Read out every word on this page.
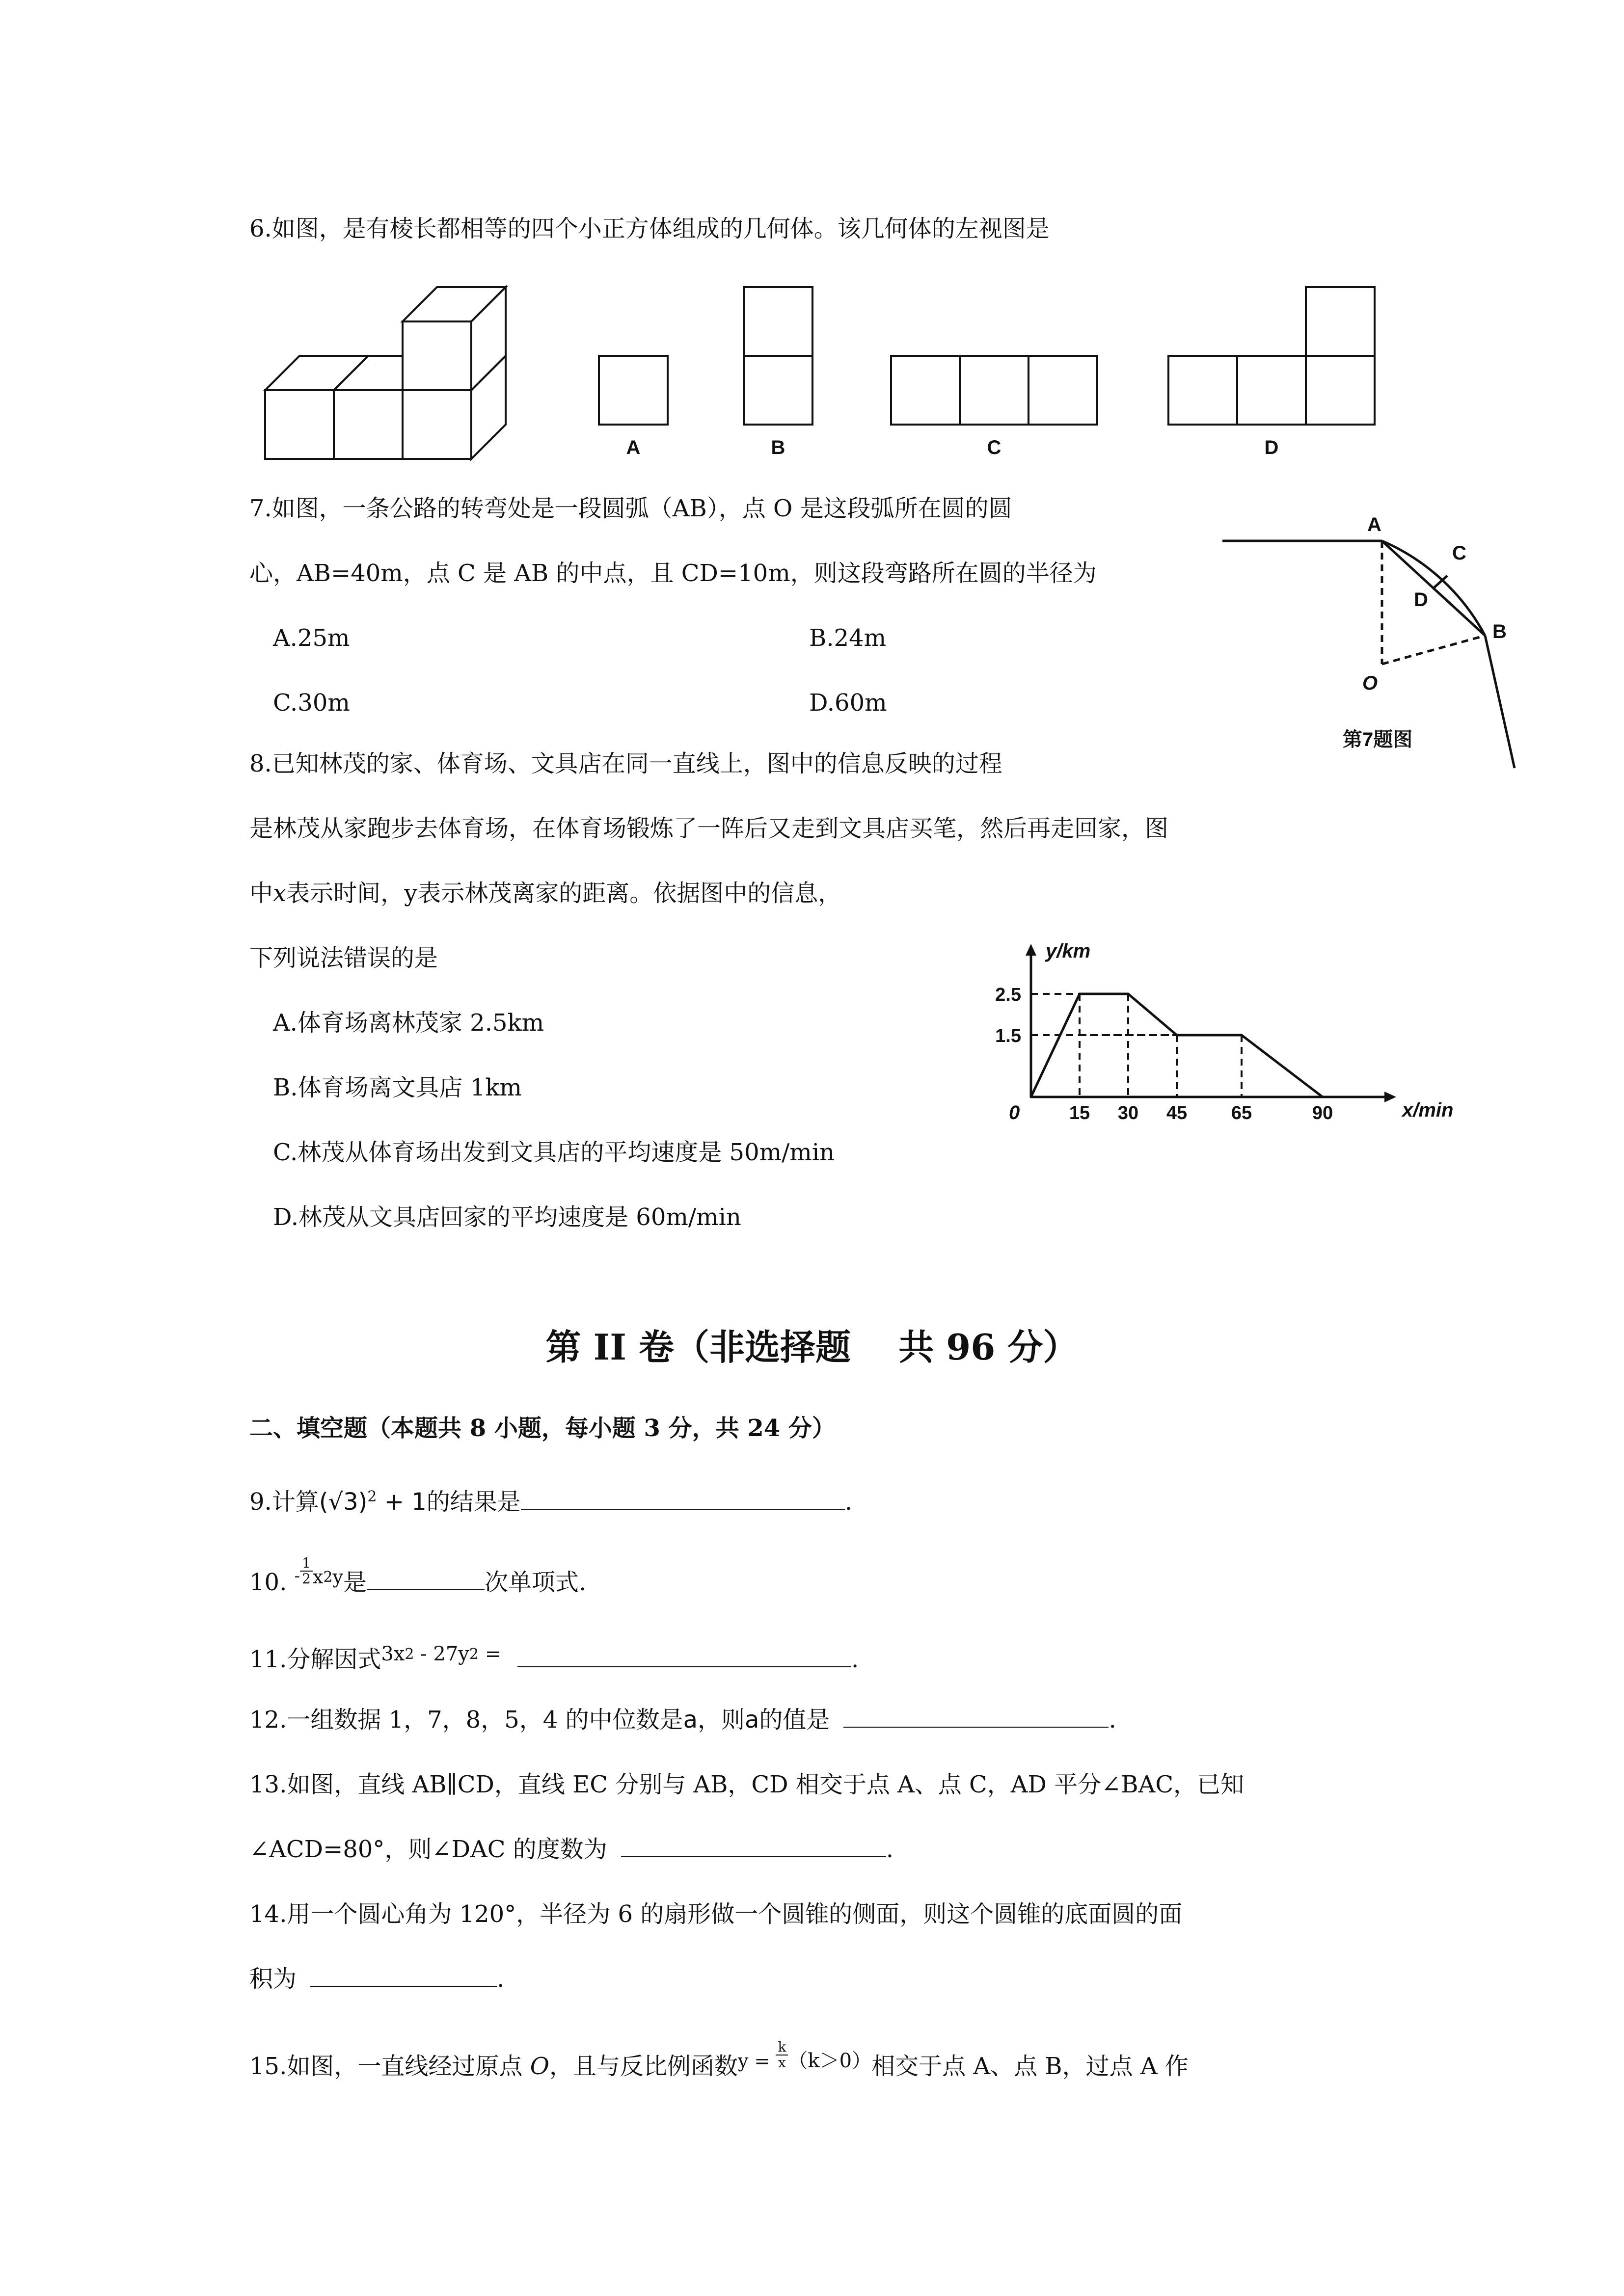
6.如图，是有棱长都相等的四个小正方体组成的几何体。该几何体的左视图是
A	B	C	D
7.如图，一条公路的转弯处是一段圆弧（AB），点 O 是这段弧所在圆的圆
心，AB=40m，点 C 是 AB 的中点，且 CD=10m，则这段弯路所在圆的半径为
A.25m	B.24m
C.30m	D.60m
A
C
D
B
O
第7题图
8.已知林茂的家、体育场、文具店在同一直线上，图中的信息反映的过程
是林茂从家跑步去体育场，在体育场锻炼了一阵后又走到文具店买笔，然后再走回家，图
中x表示时间，y表示林茂离家的距离。依据图中的信息，
下列说法错误的是
A.体育场离林茂家 2.5km
B.体育场离文具店 1km
C.林茂从体育场出发到文具店的平均速度是 50m/min
D.林茂从文具店回家的平均速度是 60m/min
x/min
y/km
0	15 30 45 65	90
2.5
1.5
第 II 卷（非选择题　 共 96 分）
二、填空题（本题共 8 小题，每小题 3 分，共 24 分）
9.计算$(√3)^2 + 1$的结果是	.
10. $^- \frac{1}{2} ^{x2y}$是	次单项式.
11.分解因式$^{3x2}$ $^{- 27y2}$ =	.
12.一组数据 1，7，8，5，4 的中位数是a，则a的值是	.
13.如图，直线 AB∥CD，直线 EC 分别与 AB，CD 相交于点 A、点 C，AD 平分∠BAC，已知
∠ACD=80°，则∠DAC 的度数为	.
14.用一个圆心角为 120°，半径为 6 的扇形做一个圆锥的侧面，则这个圆锥的底面圆的面
积为	.
15.如图，一直线经过原点 O，且与反比例函数$^y$ $^= \frac{k}{x} ^{(k>0)}$相交于点 A、点 B，过点 A 作
